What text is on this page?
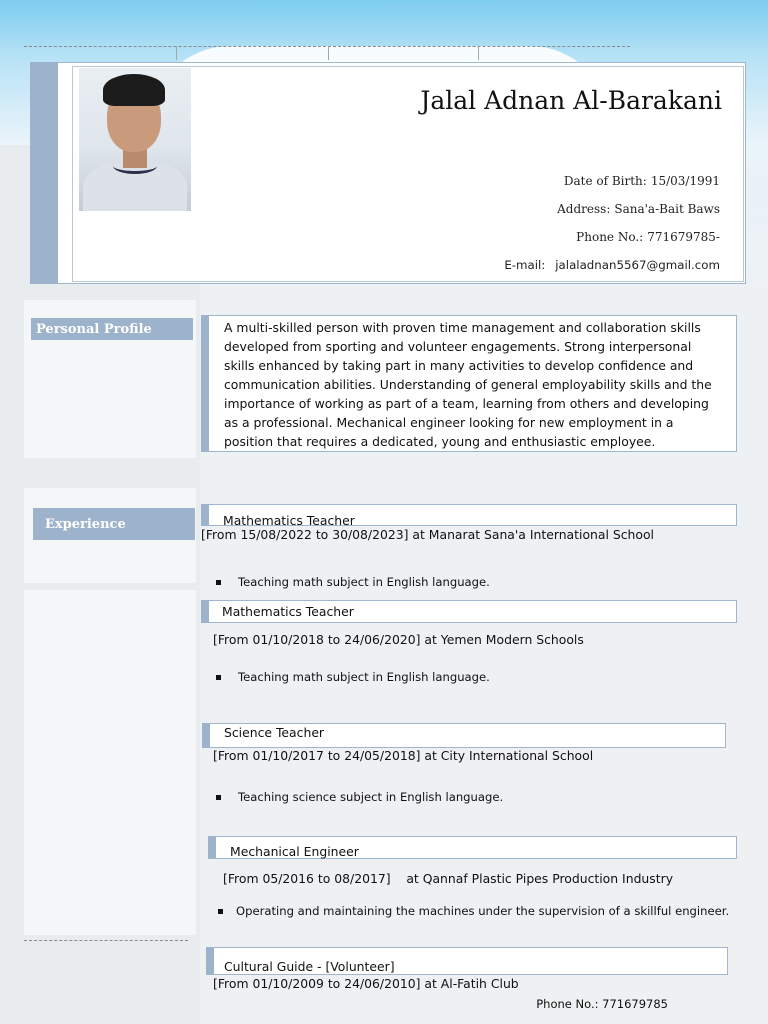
Jalal Adnan Al-Barakani
Date of Birth: 15/03/1991
Address: Sana'a-Bait Baws
Phone No.: 771679785-
E-mail: jalaladnan5567@gmail.com
Personal Profile	A multi-skilled person with proven time management and collaboration skills developed from sporting and volunteer engagements. Strong interpersonal skills enhanced by taking part in many activities to develop confidence and communication abilities. Understanding of general employability skills and the importance of working as part of a team, learning from others and developing as a professional. Mechanical engineer looking for new employment in a position that requires a dedicated, young and enthusiastic employee.
Experience	Mathematics Teacher
[From 15/08/2022 to 30/08/2023] at Manarat Sana'a International School
Teaching math subject in English language.
Mathematics Teacher
[From 01/10/2018 to 24/06/2020] at Yemen Modern Schools
Teaching math subject in English language.
Science Teacher
[From 01/10/2017 to 24/05/2018] at City International School
Teaching science subject in English language.
Mechanical Engineer
[From 05/2016 to 08/2017]    at Qannaf Plastic Pipes Production Industry
Operating and maintaining the machines under the supervision of a skillful engineer.
Cultural Guide - [Volunteer]
[From 01/10/2009 to 24/06/2010] at Al-Fatih Club
Phone No.: 771679785
